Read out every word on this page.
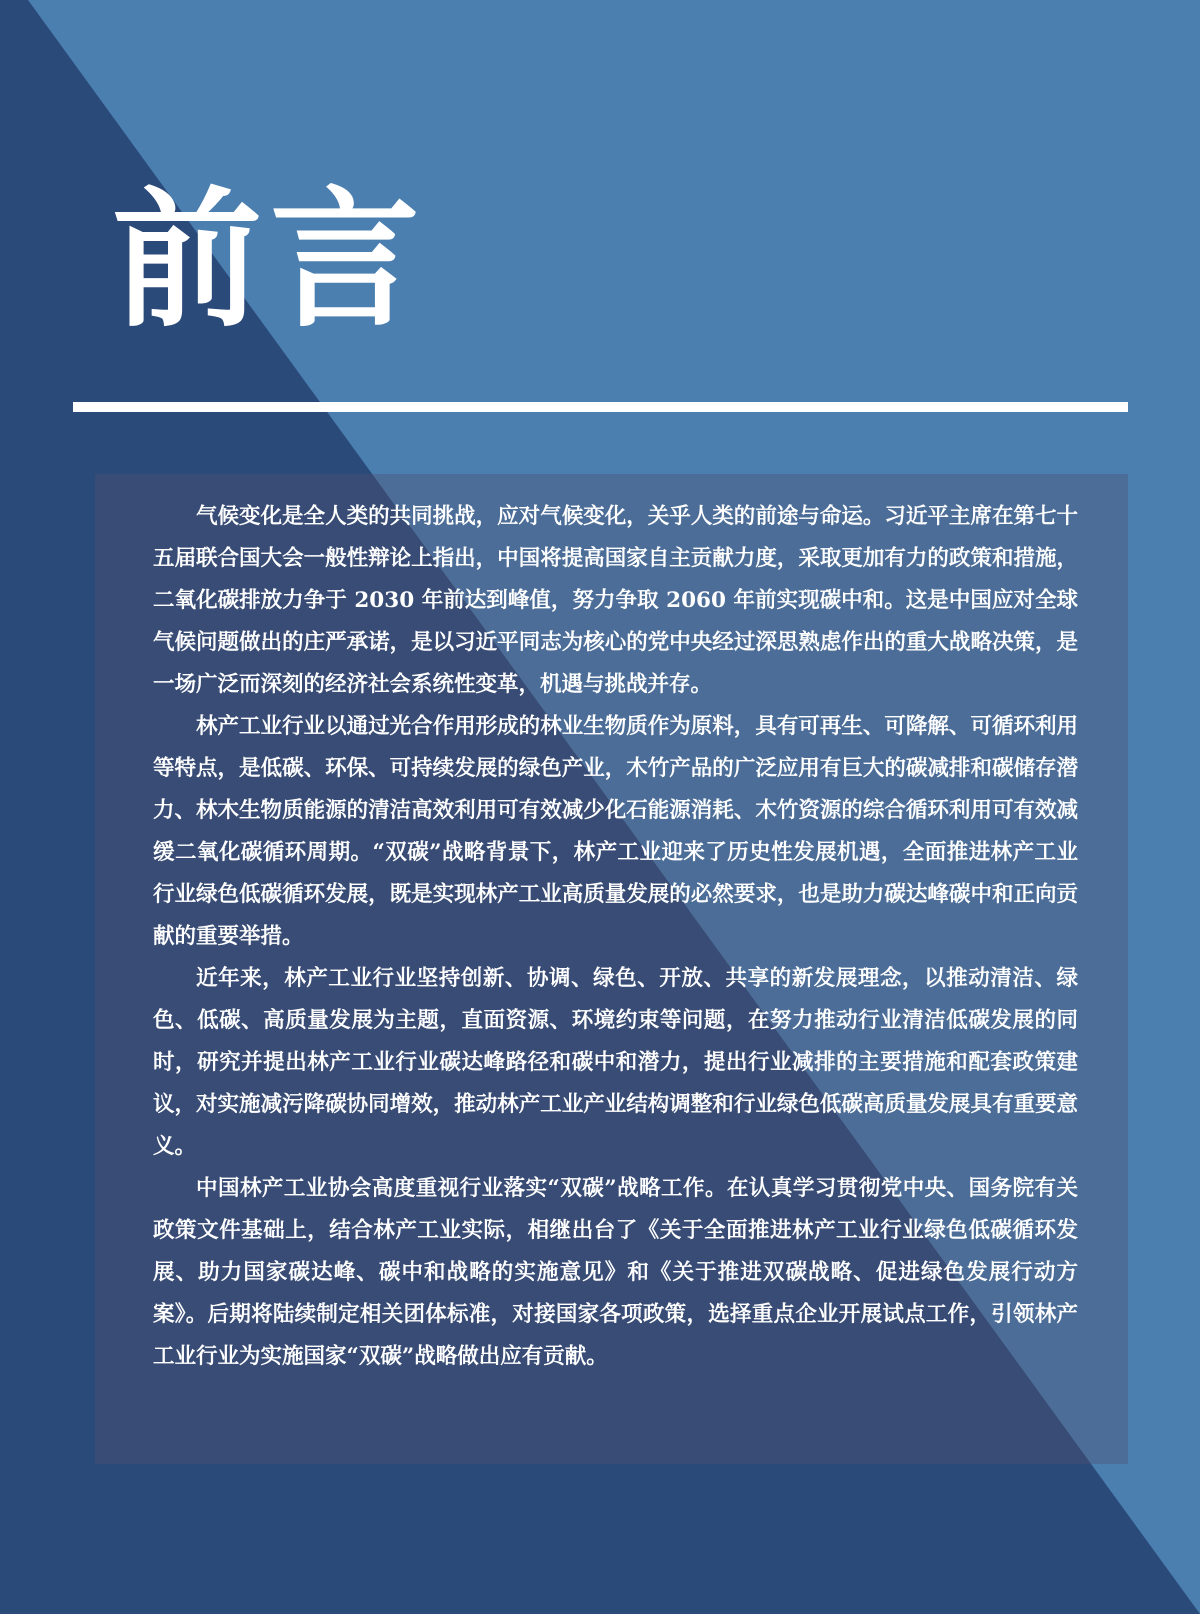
前言

气候变化是全人类的共同挑战，应对气候变化，关乎人类的前途与命运。习近平主席在第七十五届联合国大会一般性辩论上指出，中国将提高国家自主贡献力度，采取更加有力的政策和措施，二氧化碳排放力争于 2030 年前达到峰值，努力争取 2060 年前实现碳中和。这是中国应对全球气候问题做出的庄严承诺，是以习近平同志为核心的党中央经过深思熟虑作出的重大战略决策，是一场广泛而深刻的经济社会系统性变革，机遇与挑战并存。

林产工业行业以通过光合作用形成的林业生物质作为原料，具有可再生、可降解、可循环利用等特点，是低碳、环保、可持续发展的绿色产业，木竹产品的广泛应用有巨大的碳减排和碳储存潜力、林木生物质能源的清洁高效利用可有效减少化石能源消耗、木竹资源的综合循环利用可有效减缓二氧化碳循环周期。“双碳”战略背景下，林产工业迎来了历史性发展机遇，全面推进林产工业行业绿色低碳循环发展，既是实现林产工业高质量发展的必然要求，也是助力碳达峰碳中和正向贡献的重要举措。

近年来，林产工业行业坚持创新、协调、绿色、开放、共享的新发展理念，以推动清洁、绿色、低碳、高质量发展为主题，直面资源、环境约束等问题，在努力推动行业清洁低碳发展的同时，研究并提出林产工业行业碳达峰路径和碳中和潜力，提出行业减排的主要措施和配套政策建议，对实施减污降碳协同增效，推动林产工业产业结构调整和行业绿色低碳高质量发展具有重要意义。

中国林产工业协会高度重视行业落实“双碳”战略工作。在认真学习贯彻党中央、国务院有关政策文件基础上，结合林产工业实际，相继出台了《关于全面推进林产工业行业绿色低碳循环发展、助力国家碳达峰、碳中和战略的实施意见》和《关于推进双碳战略、促进绿色发展行动方案》。后期将陆续制定相关团体标准，对接国家各项政策，选择重点企业开展试点工作，引领林产工业行业为实施国家“双碳”战略做出应有贡献。
